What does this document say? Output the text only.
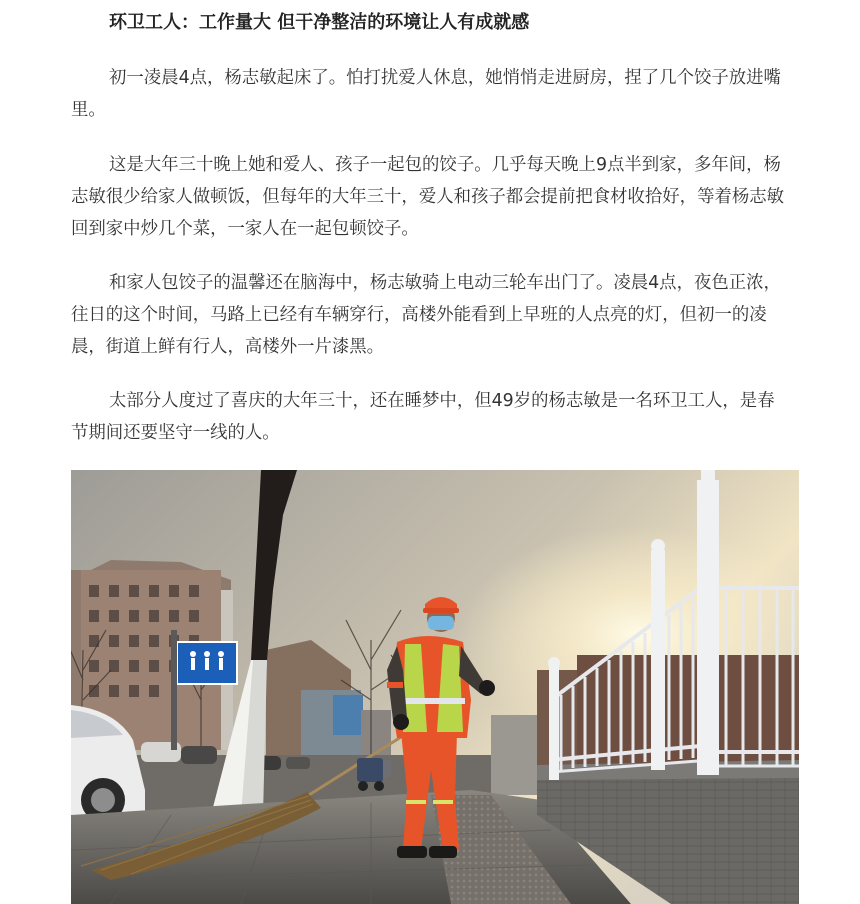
环卫工人：工作量大 但干净整洁的环境让人有成就感

初一凌晨4点，杨志敏起床了。怕打扰爱人休息，她悄悄走进厨房，捏了几个饺子放进嘴里。

这是大年三十晚上她和爱人、孩子一起包的饺子。几乎每天晚上9点半到家，多年间，杨志敏很少给家人做顿饭，但每年的大年三十，爱人和孩子都会提前把食材收拾好，等着杨志敏回到家中炒几个菜，一家人在一起包顿饺子。

和家人包饺子的温馨还在脑海中，杨志敏骑上电动三轮车出门了。凌晨4点，夜色正浓，往日的这个时间，马路上已经有车辆穿行，高楼外能看到上早班的人点亮的灯，但初一的凌晨，街道上鲜有行人，高楼外一片漆黑。

太部分人度过了喜庆的大年三十，还在睡梦中，但49岁的杨志敏是一名环卫工人，是春节期间还要坚守一线的人。
